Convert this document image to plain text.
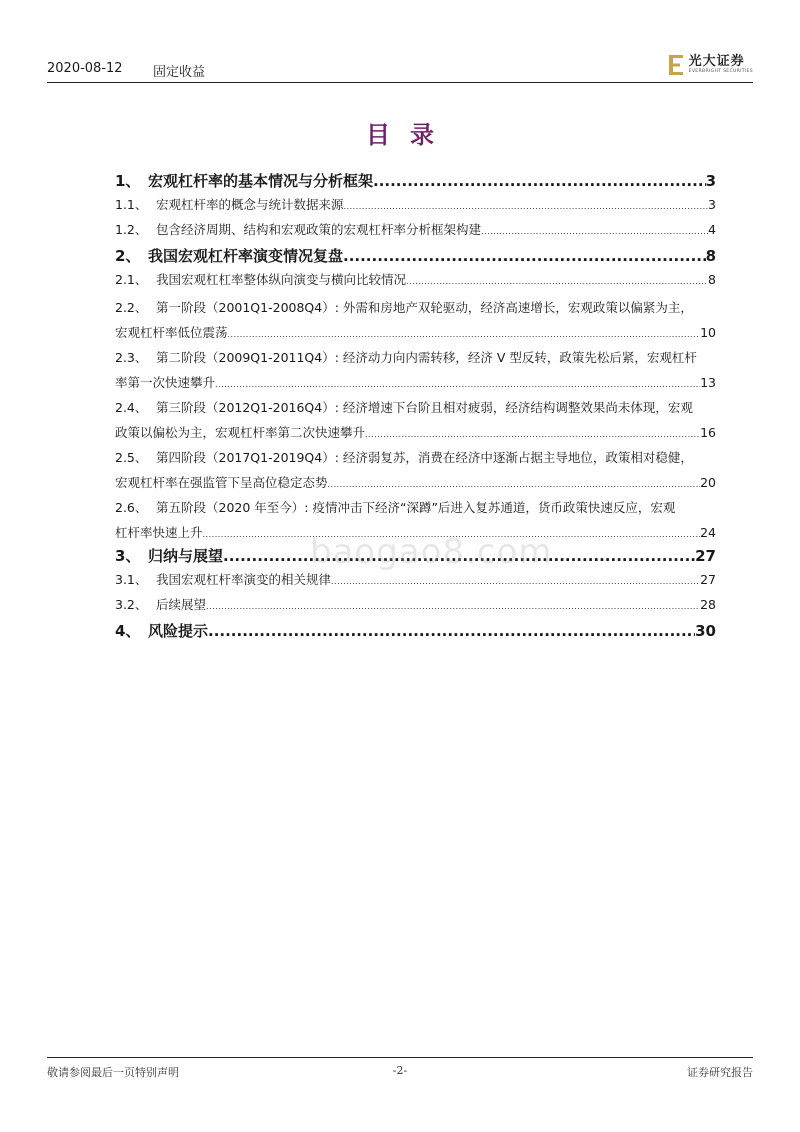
2020-08-12 固定收益
光大证券
EVERBRIGHT SECURITIES
目录
1、 宏观杠杆率的基本情况与分析框架 .....	3
1.1、 宏观杠杆率的概念与统计数据来源 .....	3
1.2、 包含经济周期、结构和宏观政策的宏观杠杆率分析框架构建 .....	4
2、 我国宏观杠杆率演变情况复盘 .....	8
2.1、 我国宏观杠杠率整体纵向演变与横向比较情况 .....	8
2.2、 第一阶段（2001Q1-2008Q4）: 外需和房地产双轮驱动，经济高速增长，宏观政策以偏紧为主，
宏观杠杆率低位震荡 .....	10
2.3、 第二阶段（2009Q1-2011Q4）: 经济动力向内需转移，经济 V 型反转，政策先松后紧，宏观杠杆
率第一次快速攀升 .....	13
2.4、 第三阶段（2012Q1-2016Q4）: 经济增速下台阶且相对疲弱，经济结构调整效果尚未体现，宏观
政策以偏松为主，宏观杠杆率第二次快速攀升 .....	16
2.5、 第四阶段（2017Q1-2019Q4）: 经济弱复苏，消费在经济中逐渐占据主导地位，政策相对稳健，
宏观杠杆率在强监管下呈高位稳定态势 .....	20
2.6、 第五阶段（2020 年至今）: 疫情冲击下经济“深蹲”后进入复苏通道，货币政策快速反应，宏观
杠杆率快速上升 .....	24
3、 归纳与展望 .....	27
3.1、 我国宏观杠杆率演变的相关规律 .....	27
3.2、 后续展望 .....	28
4、 风险提示 .....	30
baogao8.com
敬请参阅最后一页特别声明	-2-	证券研究报告
